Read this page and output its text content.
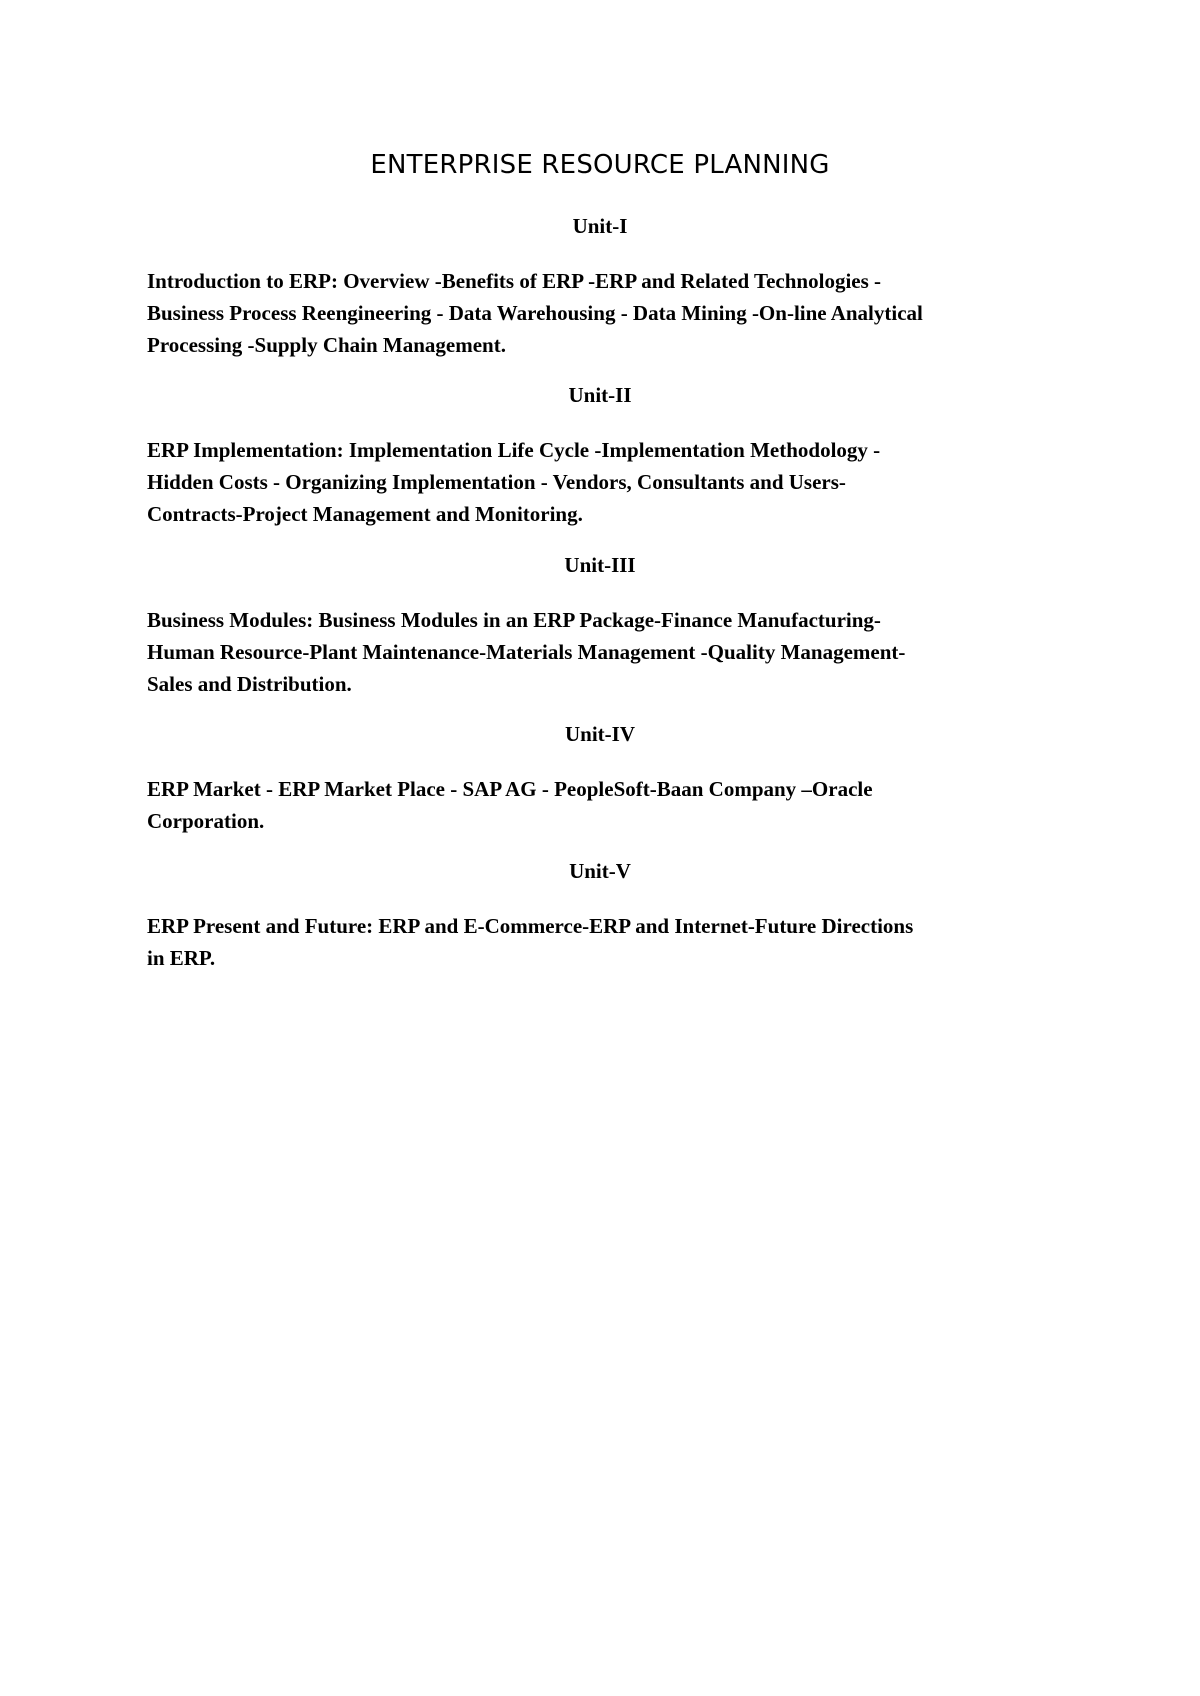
ENTERPRISE RESOURCE PLANNING
Unit-I

Introduction to ERP: Overview -Benefits of ERP -ERP and Related Technologies -
Business Process Reengineering - Data Warehousing - Data Mining -On-line Analytical
Processing -Supply Chain Management.

Unit-II

ERP Implementation: Implementation Life Cycle -Implementation Methodology -
Hidden Costs - Organizing Implementation - Vendors, Consultants and Users-
Contracts-Project Management and Monitoring.

Unit-III

Business Modules: Business Modules in an ERP Package-Finance Manufacturing-
Human Resource-Plant Maintenance-Materials Management -Quality Management-
Sales and Distribution.

Unit-IV

ERP Market - ERP Market Place - SAP AG - PeopleSoft-Baan Company –Oracle
Corporation.

Unit-V

ERP Present and Future: ERP and E-Commerce-ERP and Internet-Future Directions
in ERP.
